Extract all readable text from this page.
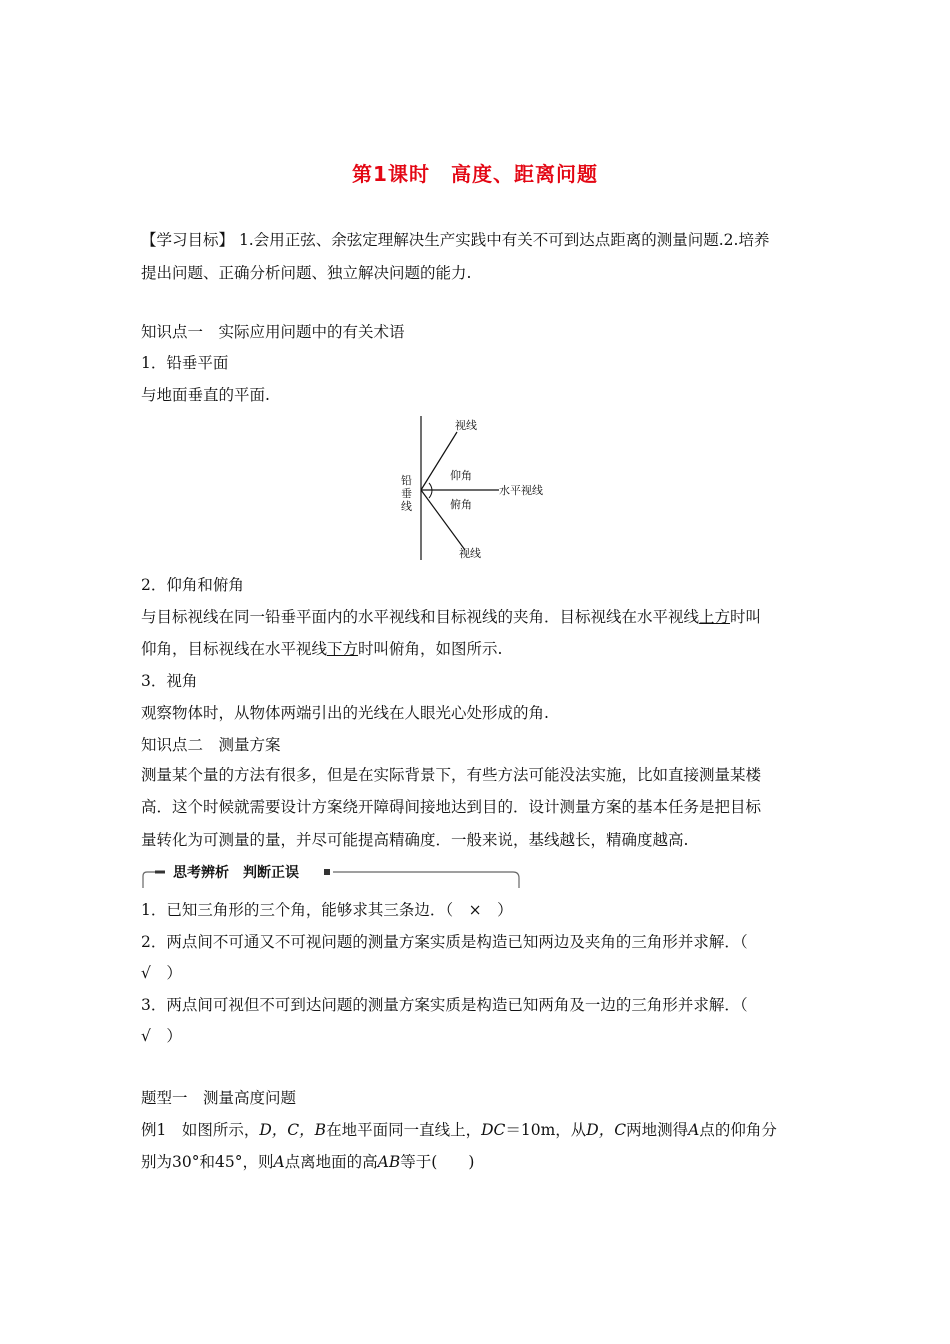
第1课时　高度、距离问题
【学习目标】 1.会用正弦、余弦定理解决生产实践中有关不可到达点距离的测量问题.2.培养
提出问题、正确分析问题、独立解决问题的能力.
知识点一　实际应用问题中的有关术语
1．铅垂平面
与地面垂直的平面.
视线
仰角
水平视线
铅
垂
线	俯角
视线
2．仰角和俯角
与目标视线在同一铅垂平面内的水平视线和目标视线的夹角．目标视线在水平视线上方时叫
仰角，目标视线在水平视线下方时叫俯角，如图所示.
3．视角
观察物体时，从物体两端引出的光线在人眼光心处形成的角.
知识点二　测量方案
测量某个量的方法有很多，但是在实际背景下，有些方法可能没法实施，比如直接测量某楼
高．这个时候就需要设计方案绕开障碍间接地达到目的．设计测量方案的基本任务是把目标
量转化为可测量的量，并尽可能提高精确度．一般来说，基线越长，精确度越高.
思考辨析　判断正误
1．已知三角形的三个角，能够求其三条边．（　×　）
2．两点间不可通又不可视问题的测量方案实质是构造已知两边及夹角的三角形并求解．（
√　）
3．两点间可视但不可到达问题的测量方案实质是构造已知两角及一边的三角形并求解．（
√　）
题型一　测量高度问题
例1　如图所示，D，C，B在地平面同一直线上，DC＝10m，从D，C两地测得A点的仰角分
别为30°和45°，则A点离地面的高AB等于(　　)
